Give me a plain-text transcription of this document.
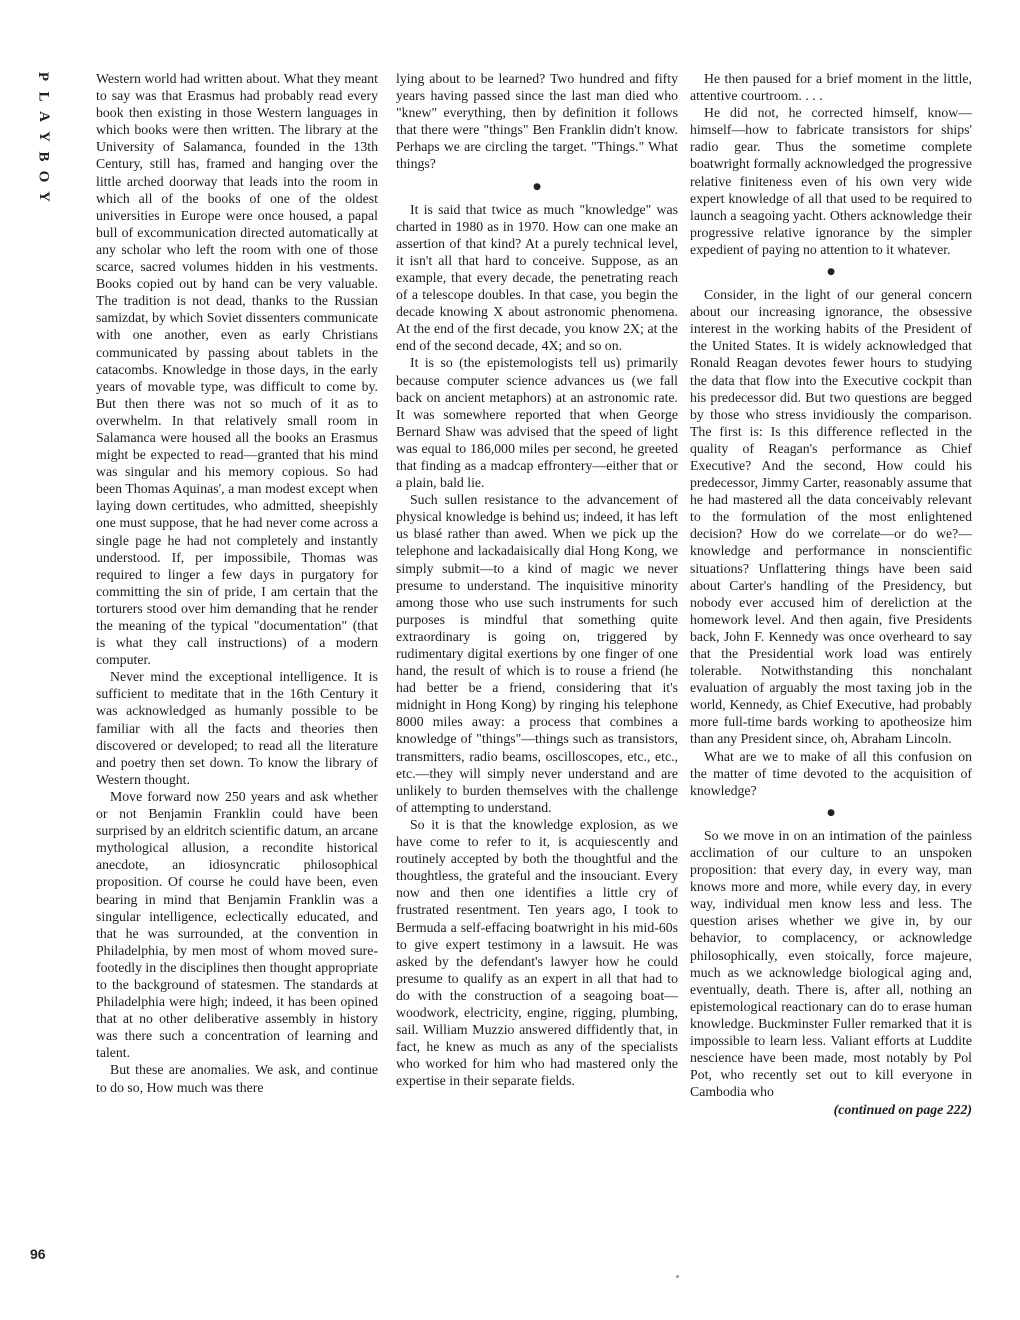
P
L
A
Y
B
O
Y
96

Western world had written about. What they meant to say was that Erasmus had probably read every book then existing in those Western languages in which books were then written. The library at the University of Salamanca, founded in the 13th Century, still has, framed and hanging over the little arched doorway that leads into the room in which all of the books of one of the oldest universities in Europe were once housed, a papal bull of excommunication directed automatically at any scholar who left the room with one of those scarce, sacred volumes hidden in his vestments. Books copied out by hand can be very valuable. The tradition is not dead, thanks to the Russian samizdat, by which Soviet dissenters communicate with one another, even as early Christians communicated by passing about tablets in the catacombs. Knowledge in those days, in the early years of movable type, was difficult to come by. But then there was not so much of it as to overwhelm. In that relatively small room in Salamanca were housed all the books an Erasmus might be expected to read—granted that his mind was singular and his memory copious. So had been Thomas Aquinas', a man modest except when laying down certitudes, who admitted, sheepishly one must suppose, that he had never come across a single page he had not completely and instantly understood. If, per impossibile, Thomas was required to linger a few days in purgatory for committing the sin of pride, I am certain that the torturers stood over him demanding that he render the meaning of the typical "documentation" (that is what they call instructions) of a modern computer.

Never mind the exceptional intelligence. It is sufficient to meditate that in the 16th Century it was acknowledged as humanly possible to be familiar with all the facts and theories then discovered or developed; to read all the literature and poetry then set down. To know the library of Western thought.

Move forward now 250 years and ask whether or not Benjamin Franklin could have been surprised by an eldritch scientific datum, an arcane mythological allusion, a recondite historical anecdote, an idiosyncratic philosophical proposition. Of course he could have been, even bearing in mind that Benjamin Franklin was a singular intelligence, eclectically educated, and that he was surrounded, at the convention in Philadelphia, by men most of whom moved sure-footedly in the disciplines then thought appropriate to the background of statesmen. The standards at Philadelphia were high; indeed, it has been opined that at no other deliberative assembly in history was there such a concentration of learning and talent.

But these are anomalies. We ask, and continue to do so, How much was there

lying about to be learned? Two hundred and fifty years having passed since the last man died who "knew" everything, then by definition it follows that there were "things" Ben Franklin didn't know. Perhaps we are circling the target. "Things." What things?

●

It is said that twice as much "knowledge" was charted in 1980 as in 1970. How can one make an assertion of that kind? At a purely technical level, it isn't all that hard to conceive. Suppose, as an example, that every decade, the penetrating reach of a telescope doubles. In that case, you begin the decade knowing X about astronomic phenomena. At the end of the first decade, you know 2X; at the end of the second decade, 4X; and so on.

It is so (the epistemologists tell us) primarily because computer science advances us (we fall back on ancient metaphors) at an astronomic rate. It was somewhere reported that when George Bernard Shaw was advised that the speed of light was equal to 186,000 miles per second, he greeted that finding as a madcap effrontery—either that or a plain, bald lie.

Such sullen resistance to the advancement of physical knowledge is behind us; indeed, it has left us blasé rather than awed. When we pick up the telephone and lackadaisically dial Hong Kong, we simply submit—to a kind of magic we never presume to understand. The inquisitive minority among those who use such instruments for such purposes is mindful that something quite extraordinary is going on, triggered by rudimentary digital exertions by one finger of one hand, the result of which is to rouse a friend (he had better be a friend, considering that it's midnight in Hong Kong) by ringing his telephone 8000 miles away: a process that combines a knowledge of "things"—things such as transistors, transmitters, radio beams, oscilloscopes, etc., etc., etc.—they will simply never understand and are unlikely to burden themselves with the challenge of attempting to understand.

So it is that the knowledge explosion, as we have come to refer to it, is acquiescently and routinely accepted by both the thoughtful and the thoughtless, the grateful and the insouciant. Every now and then one identifies a little cry of frustrated resentment. Ten years ago, I took to Bermuda a self-effacing boatwright in his mid-60s to give expert testimony in a lawsuit. He was asked by the defendant's lawyer how he could presume to qualify as an expert in all that had to do with the construction of a seagoing boat—woodwork, electricity, engine, rigging, plumbing, sail. William Muzzio answered diffidently that, in fact, he knew as much as any of the specialists who worked for him who had mastered only the expertise in their separate fields.

He then paused for a brief moment in the little, attentive courtroom. . . .

He did not, he corrected himself, know—himself—how to fabricate transistors for ships' radio gear. Thus the sometime complete boatwright formally acknowledged the progressive relative finiteness even of his own very wide expert knowledge of all that used to be required to launch a seagoing yacht. Others acknowledge their progressive relative ignorance by the simpler expedient of paying no attention to it whatever.

●

Consider, in the light of our general concern about our increasing ignorance, the obsessive interest in the working habits of the President of the United States. It is widely acknowledged that Ronald Reagan devotes fewer hours to studying the data that flow into the Executive cockpit than his predecessor did. But two questions are begged by those who stress invidiously the comparison. The first is: Is this difference reflected in the quality of Reagan's performance as Chief Executive? And the second, How could his predecessor, Jimmy Carter, reasonably assume that he had mastered all the data conceivably relevant to the formulation of the most enlightened decision? How do we correlate—or do we?—knowledge and performance in nonscientific situations? Unflattering things have been said about Carter's handling of the Presidency, but nobody ever accused him of dereliction at the homework level. And then again, five Presidents back, John F. Kennedy was once overheard to say that the Presidential work load was entirely tolerable. Notwithstanding this nonchalant evaluation of arguably the most taxing job in the world, Kennedy, as Chief Executive, had probably more full-time bards working to apotheosize him than any President since, oh, Abraham Lincoln.

What are we to make of all this confusion on the matter of time devoted to the acquisition of knowledge?

●

So we move in on an intimation of the painless acclimation of our culture to an unspoken proposition: that every day, in every way, man knows more and more, while every day, in every way, individual men know less and less. The question arises whether we give in, by our behavior, to complacency, or acknowledge philosophically, even stoically, force majeure, much as we acknowledge biological aging and, eventually, death. There is, after all, nothing an epistemological reactionary can do to erase human knowledge. Buckminster Fuller remarked that it is impossible to learn less. Valiant efforts at Luddite nescience have been made, most notably by Pol Pot, who recently set out to kill everyone in Cambodia who

(continued on page 222)
